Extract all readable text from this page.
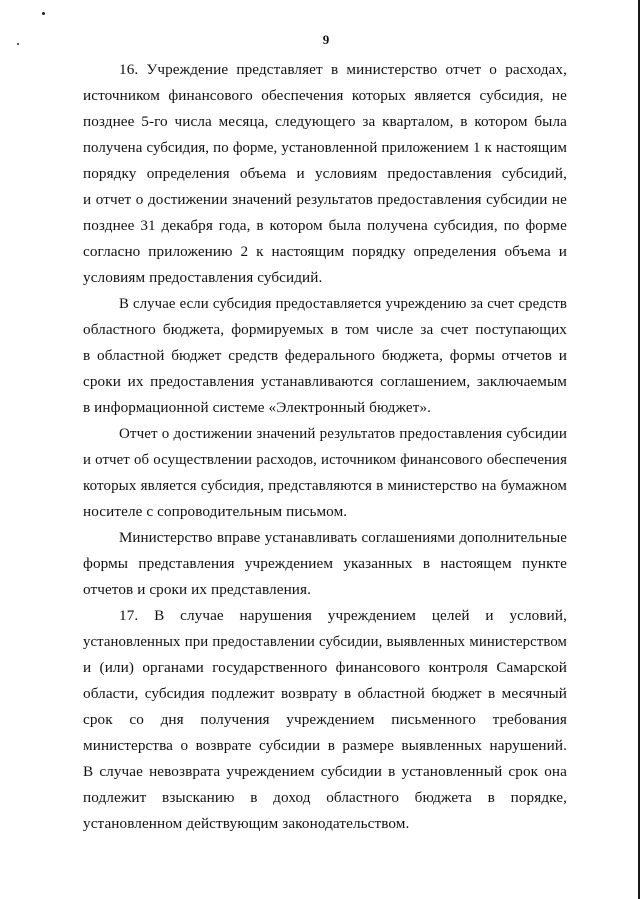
9

16. Учреждение представляет в министерство отчет о расходах,
источником финансового обеспечения которых является субсидия, не
позднее 5-го числа месяца, следующего за кварталом, в котором была
получена субсидия, по форме, установленной приложением 1 к настоящим
порядку определения объема и условиям предоставления субсидий,
и отчет о достижении значений результатов предоставления субсидии не
позднее 31 декабря года, в котором была получена субсидия, по форме
согласно приложению 2 к настоящим порядку определения объема и
условиям предоставления субсидий.

В случае если субсидия предоставляется учреждению за счет средств
областного бюджета, формируемых в том числе за счет поступающих
в областной бюджет средств федерального бюджета, формы отчетов и
сроки их предоставления устанавливаются соглашением, заключаемым
в информационной системе «Электронный бюджет».

Отчет о достижении значений результатов предоставления субсидии
и отчет об осуществлении расходов, источником финансового обеспечения
которых является субсидия, представляются в министерство на бумажном
носителе с сопроводительным письмом.

Министерство вправе устанавливать соглашениями дополнительные
формы представления учреждением указанных в настоящем пункте
отчетов и сроки их представления.

17. В случае нарушения учреждением целей и условий,
установленных при предоставлении субсидии, выявленных министерством
и (или) органами государственного финансового контроля Самарской
области, субсидия подлежит возврату в областной бюджет в месячный
срок со дня получения учреждением письменного требования
министерства о возврате субсидии в размере выявленных нарушений.
В случае невозврата учреждением субсидии в установленный срок она
подлежит взысканию в доход областного бюджета в порядке,
установленном действующим законодательством.
